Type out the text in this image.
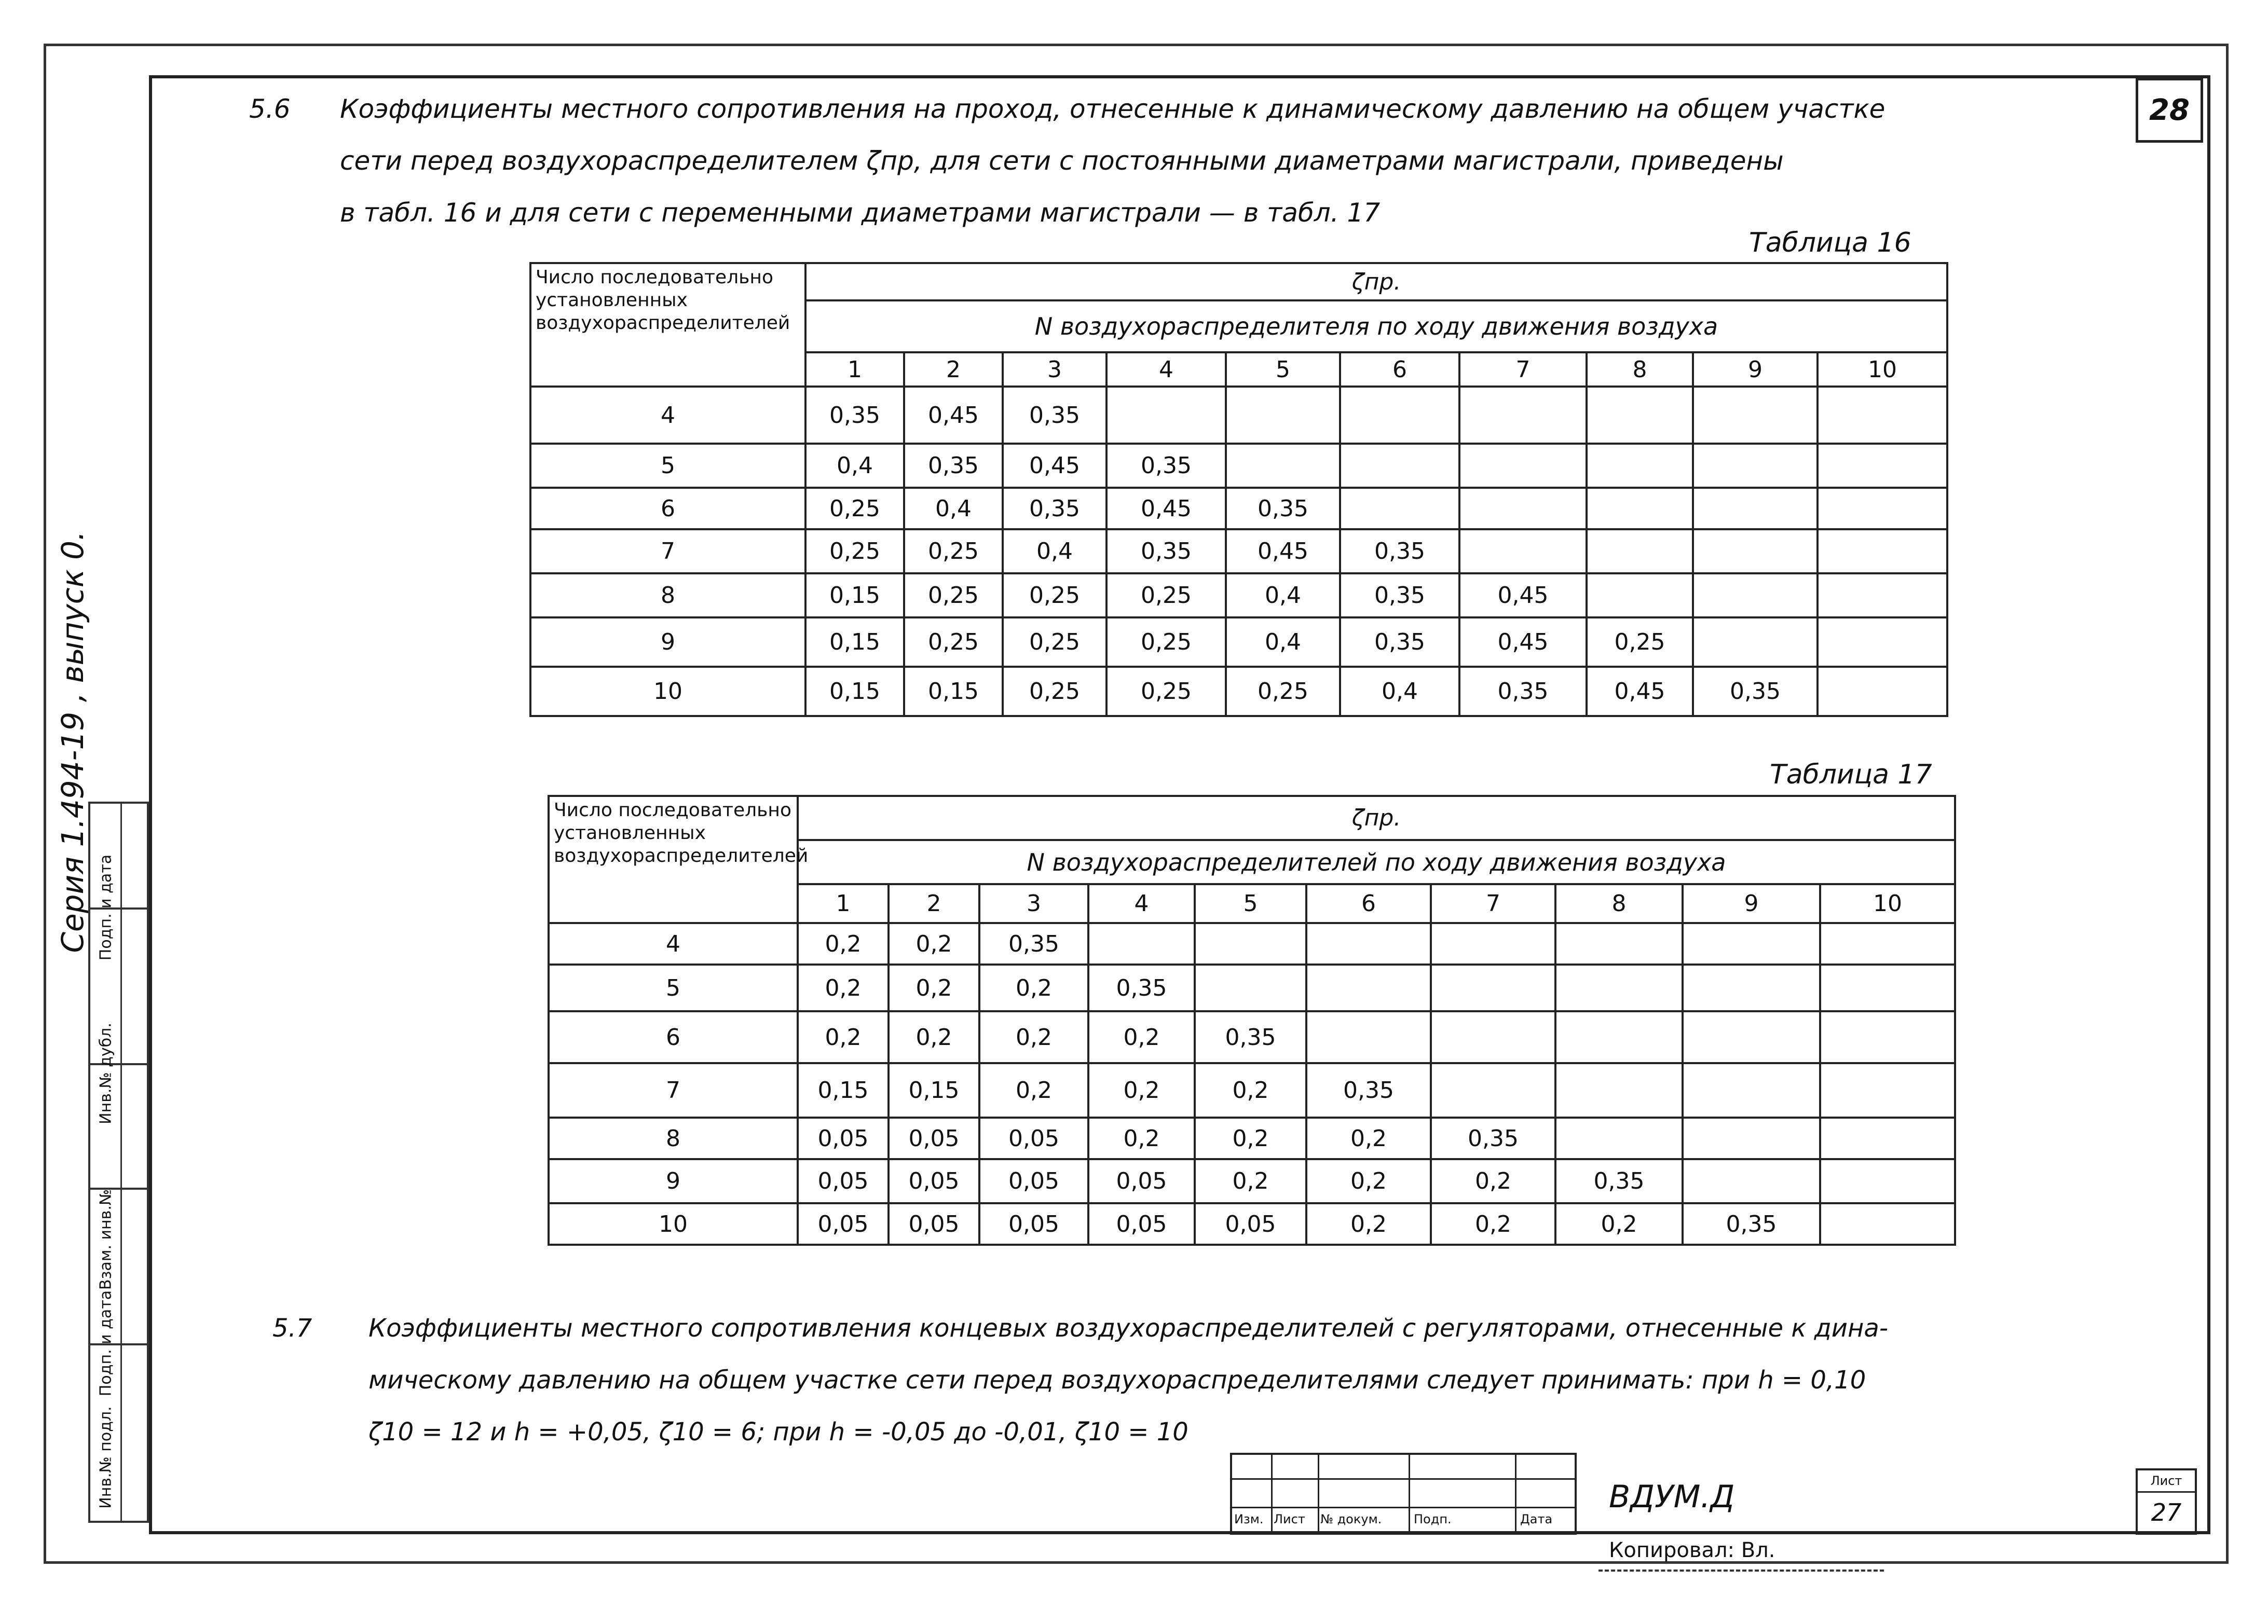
28
Серия 1.494-19 , выпуск 0.
Инв.№ подл.
Подп. и дата
Взам. инв.№
Инв.№ дубл.
Подп. и дата
5.6 Коэффициенты местного сопротивления на проход, отнесенные к динамическому давлению на общем участке
сети перед воздухораспределителем ζпр, для сети с постоянными диаметрами магистрали, приведены
в табл. 16 и для сети с переменными диаметрами магистрали — в табл. 17
Таблица 16
Число последовательно установленных воздухораспределителей	ζпр.									
	N воздухораспределителя по ходу движения воздуха									
	1	2	3	4	5	6	7	8	9	10
4	0,35	0,45	0,35							
5	0,4	0,35	0,45	0,35						
6	0,25	0,4	0,35	0,45	0,35					
7	0,25	0,25	0,4	0,35	0,45	0,35				
8	0,15	0,25	0,25	0,25	0,4	0,35	0,45			
9	0,15	0,25	0,25	0,25	0,4	0,35	0,45	0,25		
10	0,15	0,15	0,25	0,25	0,25	0,4	0,35	0,45	0,35	
Таблица 17
Число последовательно установленных воздухораспределителей	ζпр.									
	N воздухораспределителей по ходу движения воздуха									
	1	2	3	4	5	6	7	8	9	10
4	0,2	0,2	0,35							
5	0,2	0,2	0,2	0,35						
6	0,2	0,2	0,2	0,2	0,35					
7	0,15	0,15	0,2	0,2	0,2	0,35				
8	0,05	0,05	0,05	0,2	0,2	0,2	0,35			
9	0,05	0,05	0,05	0,05	0,2	0,2	0,2	0,35		
10	0,05	0,05	0,05	0,05	0,05	0,2	0,2	0,2	0,35	
5.7 Коэффициенты местного сопротивления концевых воздухораспределителей с регуляторами, отнесенные к дина-
мическому давлению на общем участке сети перед воздухораспределителями следует принимать: при h = 0,10
ζ10 = 12 и h = +0,05, ζ10 = 6; при h = -0,05 до -0,01, ζ10 = 10
Изм. Лист № докум.	Подп.	Дата
ВДУМ.Д
Копировал: Вл.
Лист
27
